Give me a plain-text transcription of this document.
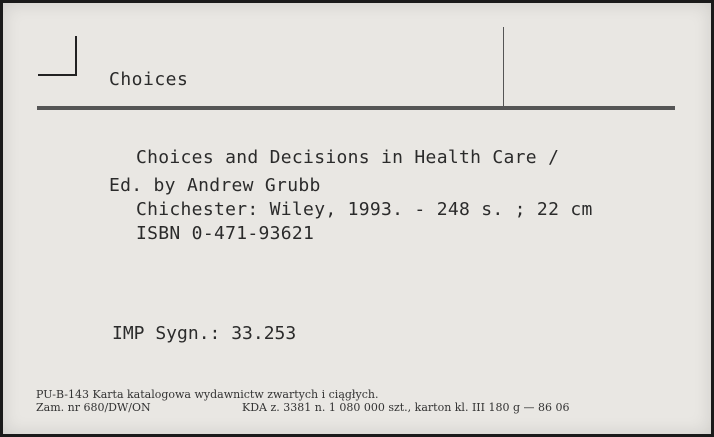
Choices
Choices and Decisions in Health Care /
Ed. by Andrew Grubb
Chichester: Wiley, 1993. - 248 s. ; 22 cm
ISBN 0-471-93621
IMP Sygn.: 33.253
PU-B-143 Karta katalogowa wydawnictw zwartych i ciągłych.
Zam. nr 680/DW/ON	KDA z. 3381 n. 1 080 000 szt., karton kl. III 180 g — 86 06
